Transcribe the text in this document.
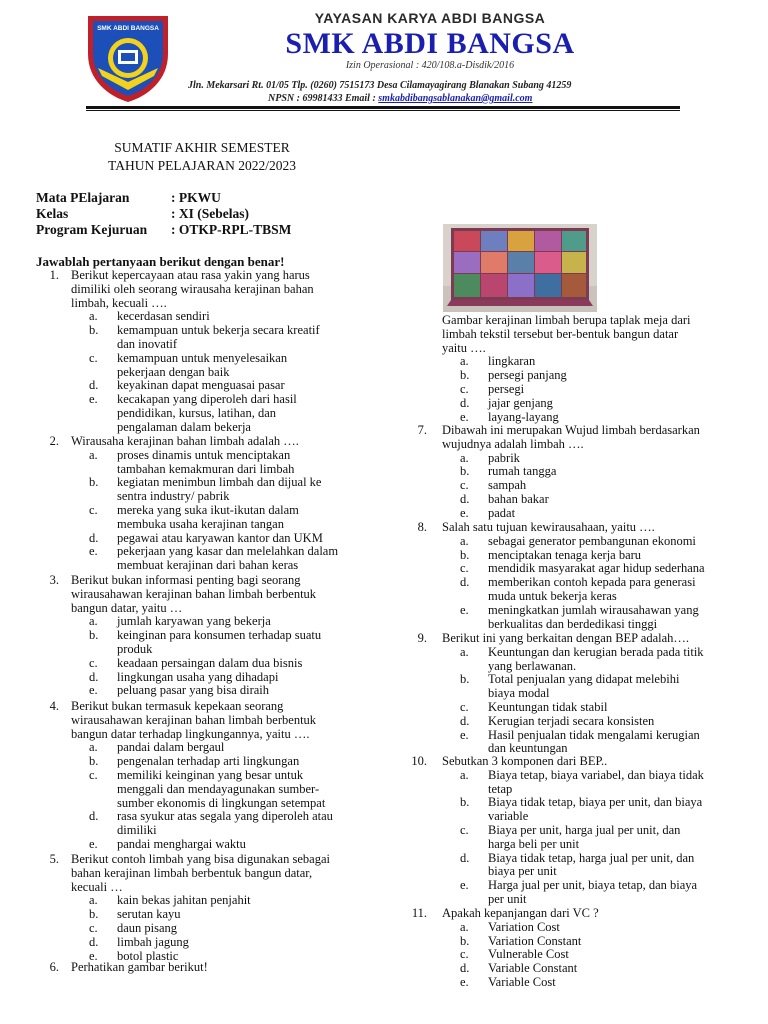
SMK ABDI BANGSA
YAYASAN KARYA ABDI BANGSA
SMK ABDI BANGSA
Izin Operasional : 420/108.a-Disdik/2016
Jln. Mekarsari Rt. 01/05 Tlp. (0260) 7515173 Desa Cilamayagirang Blanakan Subang 41259
NPSN : 69981433 Email : smkabdibangsablanakan@gmail.com
SUMATIF AKHIR SEMESTER
TAHUN PELAJARAN 2022/2023
Mata PElajaran	: PKWU
Kelas	: XI (Sebelas)
Program Kejuruan : OTKP-RPL-TBSM
Jawablah pertanyaan berikut dengan benar!
1. Berikut kepercayaan atau rasa yakin yang harus
dimiliki oleh seorang wirausaha kerajinan bahan
limbah, kecuali ….
a. kecerdasan sendiri
b. kemampuan untuk bekerja secara kreatif
dan inovatif
c. kemampuan untuk menyelesaikan
pekerjaan dengan baik
d. keyakinan dapat menguasai pasar
e. kecakapan yang diperoleh dari hasil
pendidikan, kursus, latihan, dan
pengalaman dalam bekerja
2. Wirausaha kerajinan bahan limbah adalah ….
a. proses dinamis untuk menciptakan
tambahan kemakmuran dari limbah
b. kegiatan menimbun limbah dan dijual ke
sentra industry/ pabrik
c. mereka yang suka ikut-ikutan dalam
membuka usaha kerajinan tangan
d. pegawai atau karyawan kantor dan UKM
e. pekerjaan yang kasar dan melelahkan dalam
membuat kerajinan dari bahan keras
3. Berikut bukan informasi penting bagi seorang
wirausahawan kerajinan bahan limbah berbentuk
bangun datar, yaitu …
a. jumlah karyawan yang bekerja
b. keinginan para konsumen terhadap suatu
produk
c. keadaan persaingan dalam dua bisnis
d. lingkungan usaha yang dihadapi
e. peluang pasar yang bisa diraih
4. Berikut bukan termasuk kepekaan seorang
wirausahawan kerajinan bahan limbah berbentuk
bangun datar terhadap lingkungannya, yaitu ….
a. pandai dalam bergaul
b. pengenalan terhadap arti lingkungan
c. memiliki keinginan yang besar untuk
menggali dan mendayagunakan sumber-
sumber ekonomis di lingkungan setempat
d. rasa syukur atas segala yang diperoleh atau
dimiliki
e. pandai menghargai waktu
5. Berikut contoh limbah yang bisa digunakan sebagai
bahan kerajinan limbah berbentuk bangun datar,
kecuali …
a. kain bekas jahitan penjahit
b. serutan kayu
c. daun pisang
d. limbah jagung
e. botol plastic
6. Perhatikan gambar berikut!
Gambar kerajinan limbah berupa taplak meja dari
limbah tekstil tersebut ber-bentuk bangun datar
yaitu ….
a. lingkaran
b. persegi panjang
c. persegi
d. jajar genjang
e. layang-layang
7. Dibawah ini merupakan Wujud limbah berdasarkan
wujudnya adalah limbah ….
a. pabrik
b. rumah tangga
c. sampah
d. bahan bakar
e. padat
8. Salah satu tujuan kewirausahaan, yaitu ….
a. sebagai generator pembangunan ekonomi
b. menciptakan tenaga kerja baru
c. mendidik masyarakat agar hidup sederhana
d. memberikan contoh kepada para generasi
muda untuk bekerja keras
e. meningkatkan jumlah wirausahawan yang
berkualitas dan berdedikasi tinggi
9. Berikut ini yang berkaitan dengan BEP adalah….
a. Keuntungan dan kerugian berada pada titik
yang berlawanan.
b. Total penjualan yang didapat melebihi
biaya modal
c. Keuntungan tidak stabil
d. Kerugian terjadi secara konsisten
e. Hasil penjualan tidak mengalami kerugian
dan keuntungan
10. Sebutkan 3 komponen dari BEP..
a. Biaya tetap, biaya variabel, dan biaya tidak
tetap
b. Biaya tidak tetap, biaya per unit, dan biaya
variable
c. Biaya per unit, harga jual per unit, dan
harga beli per unit
d. Biaya tidak tetap, harga jual per unit, dan
biaya per unit
e. Harga jual per unit, biaya tetap, dan biaya
per unit
11. Apakah kepanjangan dari VC ?
a. Variation Cost
b. Variation Constant
c. Vulnerable Cost
d. Variable Constant
e. Variable Cost
